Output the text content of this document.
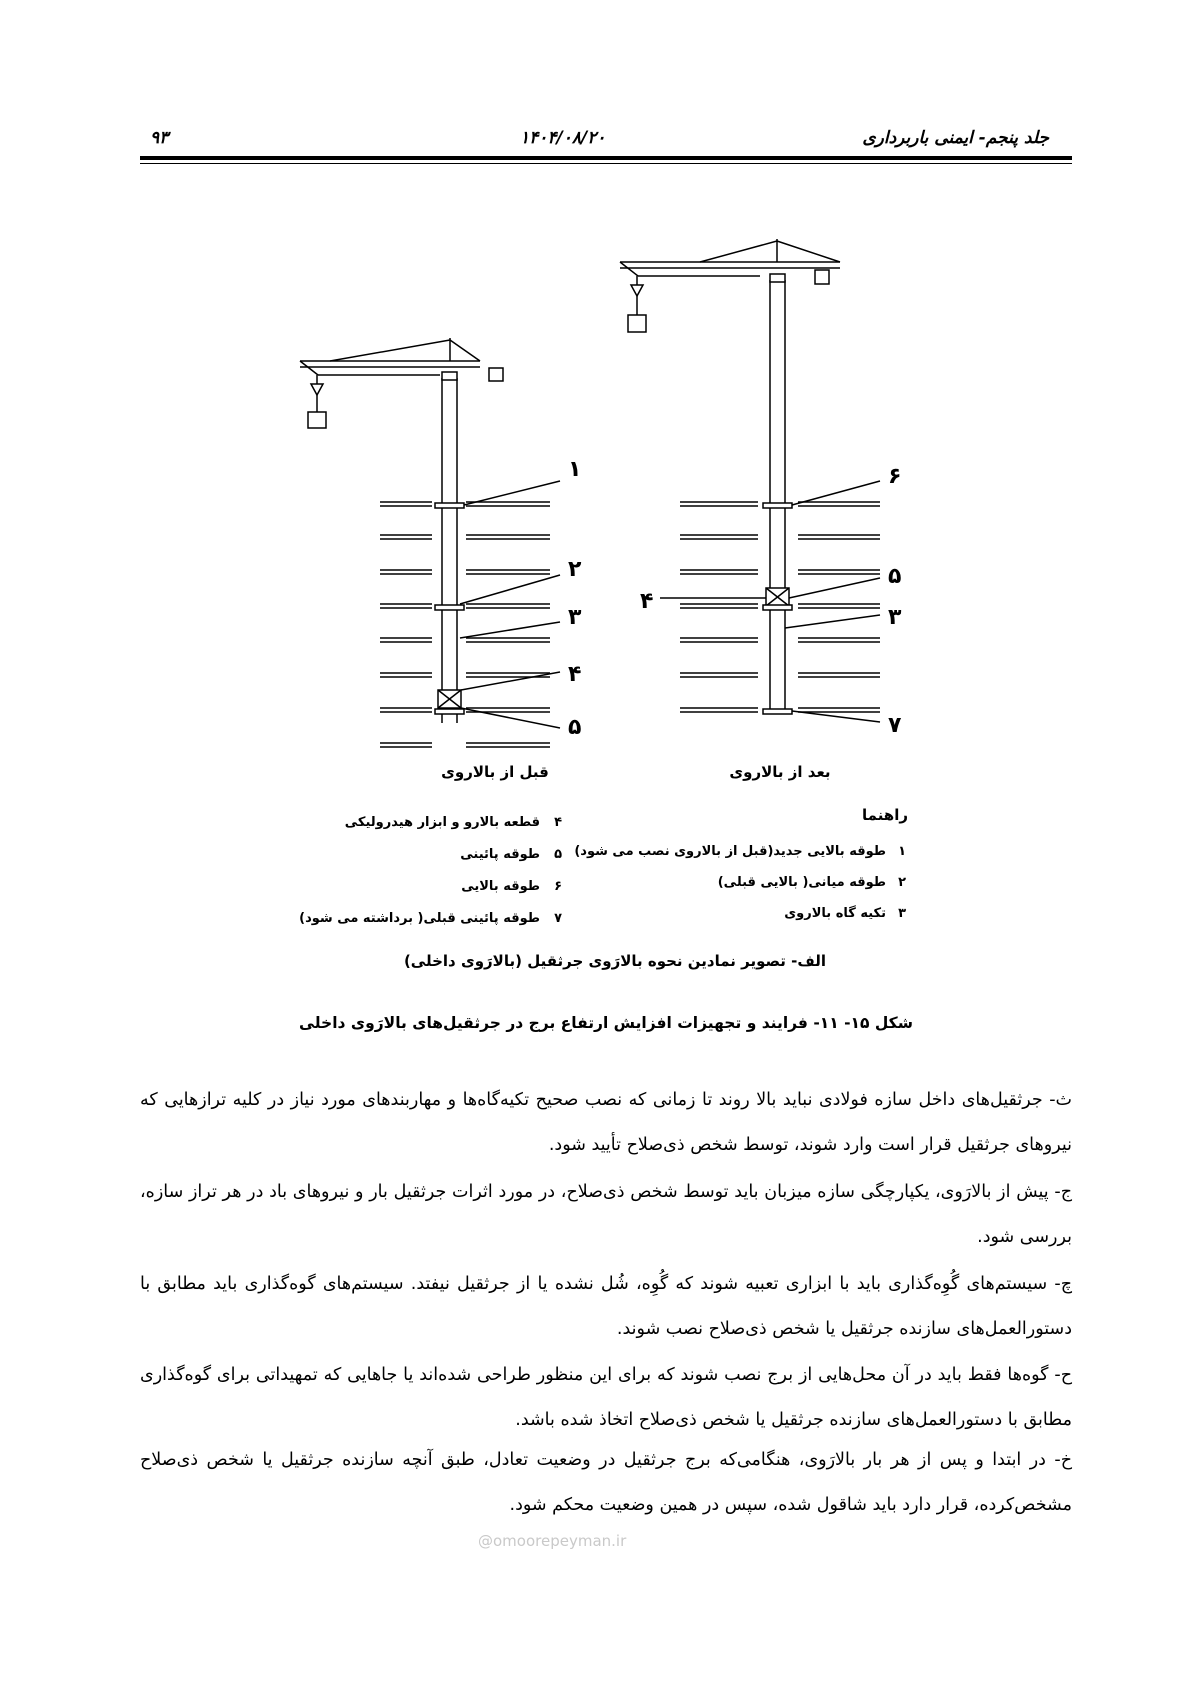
جلد پنجم- ایمنی باربرداری
۱۴۰۴/۰۸/۲۰
۹۳
۱
۲
۳
۴
۵
۶
۵
۴
۳
۷
قبل از بالاروی	بعد از بالاروی
راهنما
۱
طوقه بالایی جدید(قبل از بالاروی نصب می شود)
۲
طوقه میانی( بالایی قبلی)
۳
تکیه گاه بالاروی
۴
قطعه بالارو و ابزار هیدرولیکی
۵
طوقه پائینی
۶
طوقه بالایی
۷
طوقه پائینی قبلی( برداشته می شود)
الف- تصویر نمادین نحوه بالارَوی جرثقیل (بالارَوی داخلی)
شکل ۱۵- ۱۱- فرایند و تجهیزات افزایش ارتفاع برج در جرثقیل‌های بالارَوی داخلی
ث- جرثقیل‌های داخل سازه فولادی نباید بالا روند تا زمانی که نصب صحیح تکیه‌گاه‌ها و مهاربندهای مورد نیاز در کلیه ترازهایی که نیروهای جرثقیل قرار است وارد شوند، توسط شخص ذی‌صلاح تأیید شود.
ج- پیش از بالارَوی، یکپارچگی سازه میزبان باید توسط شخص ذی‌صلاح، در مورد اثرات جرثقیل بار و نیروهای باد در هر تراز سازه، بررسی شود.
چ- سیستم‌های گُوِه‌گذاری باید با ابزاری تعبیه شوند که گُوِه، شُل نشده یا از جرثقیل نیفتد. سیستم‌های گوه‌گذاری باید مطابق با دستورالعمل‌های سازنده جرثقیل یا شخص ذی‌صلاح نصب شوند.
ح- گوه‌ها فقط باید در آن محل‌هایی از برج نصب شوند که برای این منظور طراحی شده‌اند یا جاهایی که تمهیداتی برای گوه‌گذاری مطابق با دستورالعمل‌های سازنده جرثقیل یا شخص ذی‌صلاح اتخاذ شده باشد.
خ- در ابتدا و پس از هر بار بالارَوی، هنگامی‌که برج جرثقیل در وضعیت تعادل، طبق آنچه سازنده جرثقیل یا شخص ذی‌صلاح مشخص‌کرده، قرار دارد باید شاقول شده، سپس در همین وضعیت محکم شود.
@omoorepeyman.ir
